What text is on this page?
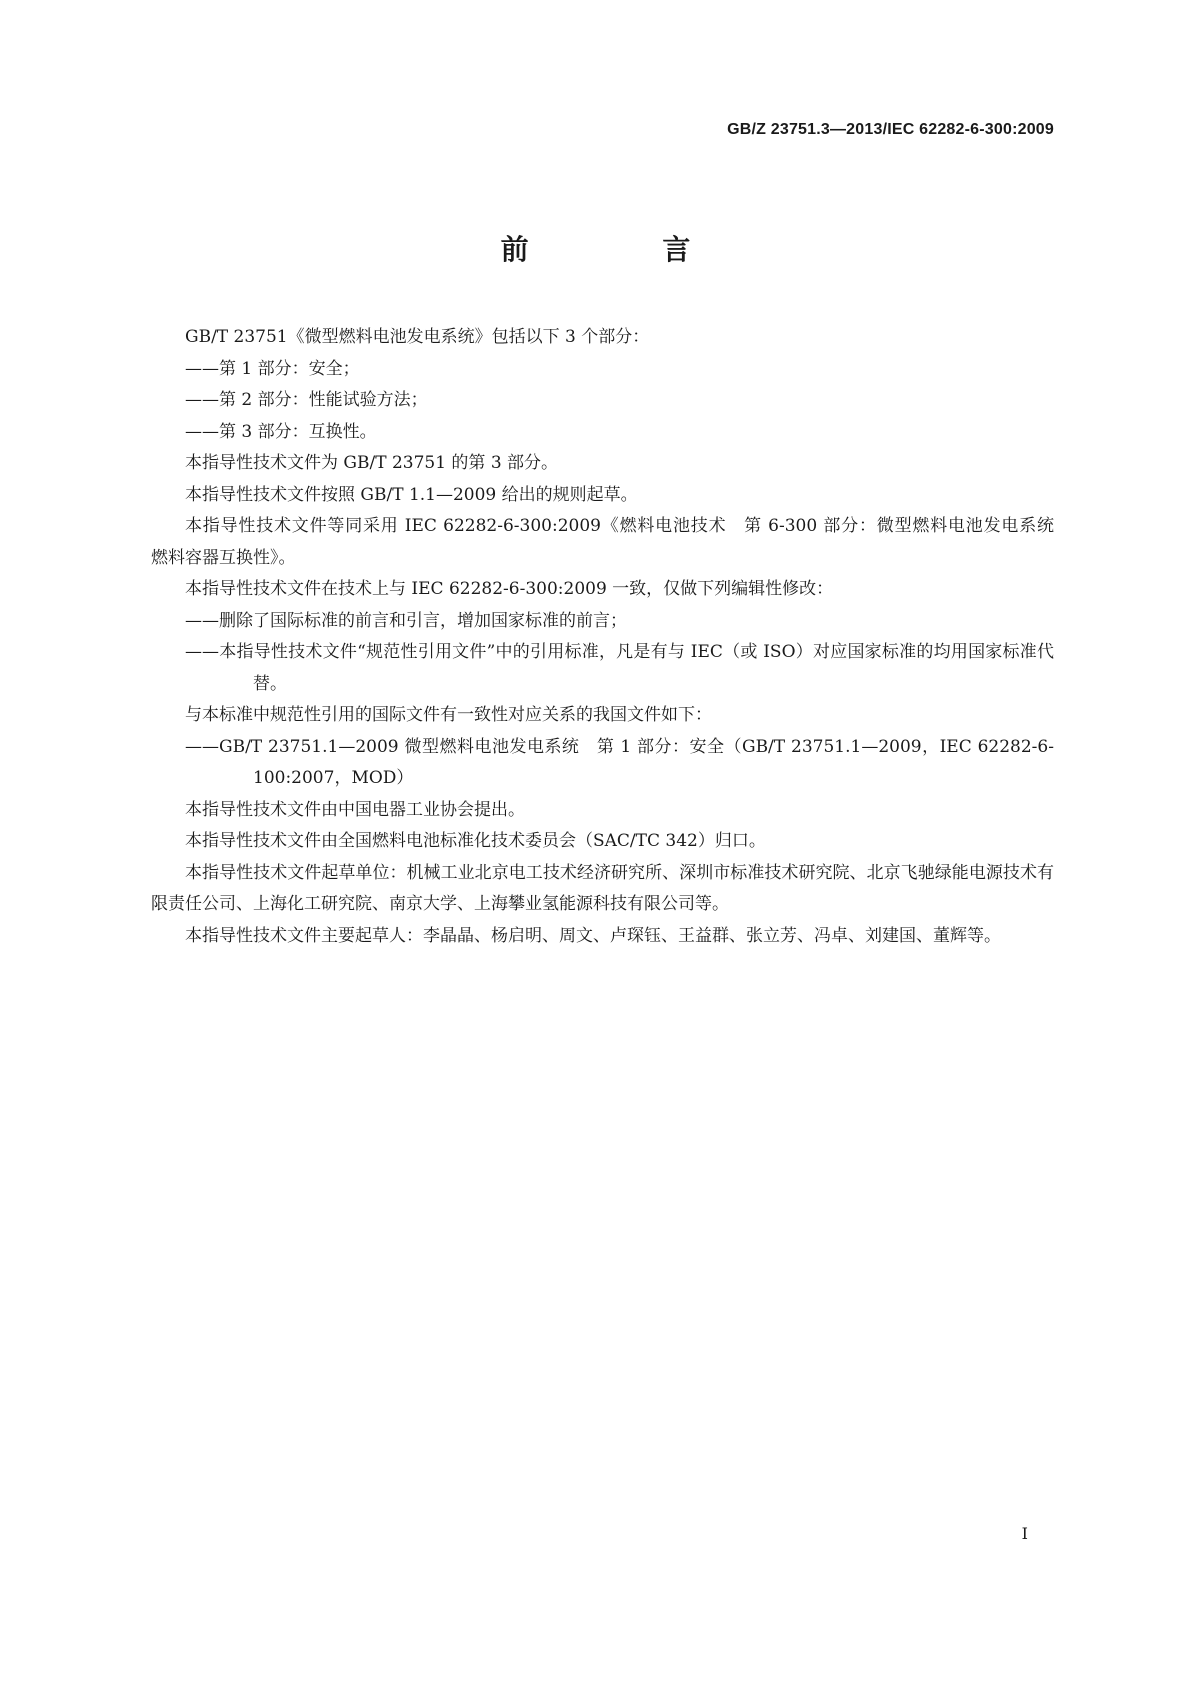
GB/Z 23751.3—2013/IEC 62282-6-300:2009
前 言

GB/T 23751《微型燃料电池发电系统》包括以下 3 个部分：

——第 1 部分：安全；

——第 2 部分：性能试验方法；

——第 3 部分：互换性。

本指导性技术文件为 GB/T 23751 的第 3 部分。

本指导性技术文件按照 GB/T 1.1—2009 给出的规则起草。

本指导性技术文件等同采用 IEC 62282-6-300:2009《燃料电池技术　第 6-300 部分：微型燃料电池发电系统　燃料容器互换性》。

本指导性技术文件在技术上与 IEC 62282-6-300:2009 一致，仅做下列编辑性修改：

——删除了国际标准的前言和引言，增加国家标准的前言；

——本指导性技术文件“规范性引用文件”中的引用标准，凡是有与 IEC（或 ISO）对应国家标准的均用国家标准代替。

与本标准中规范性引用的国际文件有一致性对应关系的我国文件如下：

——GB/T 23751.1—2009 微型燃料电池发电系统　第 1 部分：安全（GB/T 23751.1—2009，IEC 62282-6-100:2007，MOD）

本指导性技术文件由中国电器工业协会提出。

本指导性技术文件由全国燃料电池标准化技术委员会（SAC/TC 342）归口。

本指导性技术文件起草单位：机械工业北京电工技术经济研究所、深圳市标准技术研究院、北京飞驰绿能电源技术有限责任公司、上海化工研究院、南京大学、上海攀业氢能源科技有限公司等。

本指导性技术文件主要起草人：李晶晶、杨启明、周文、卢琛钰、王益群、张立芳、冯卓、刘建国、董辉等。

I
